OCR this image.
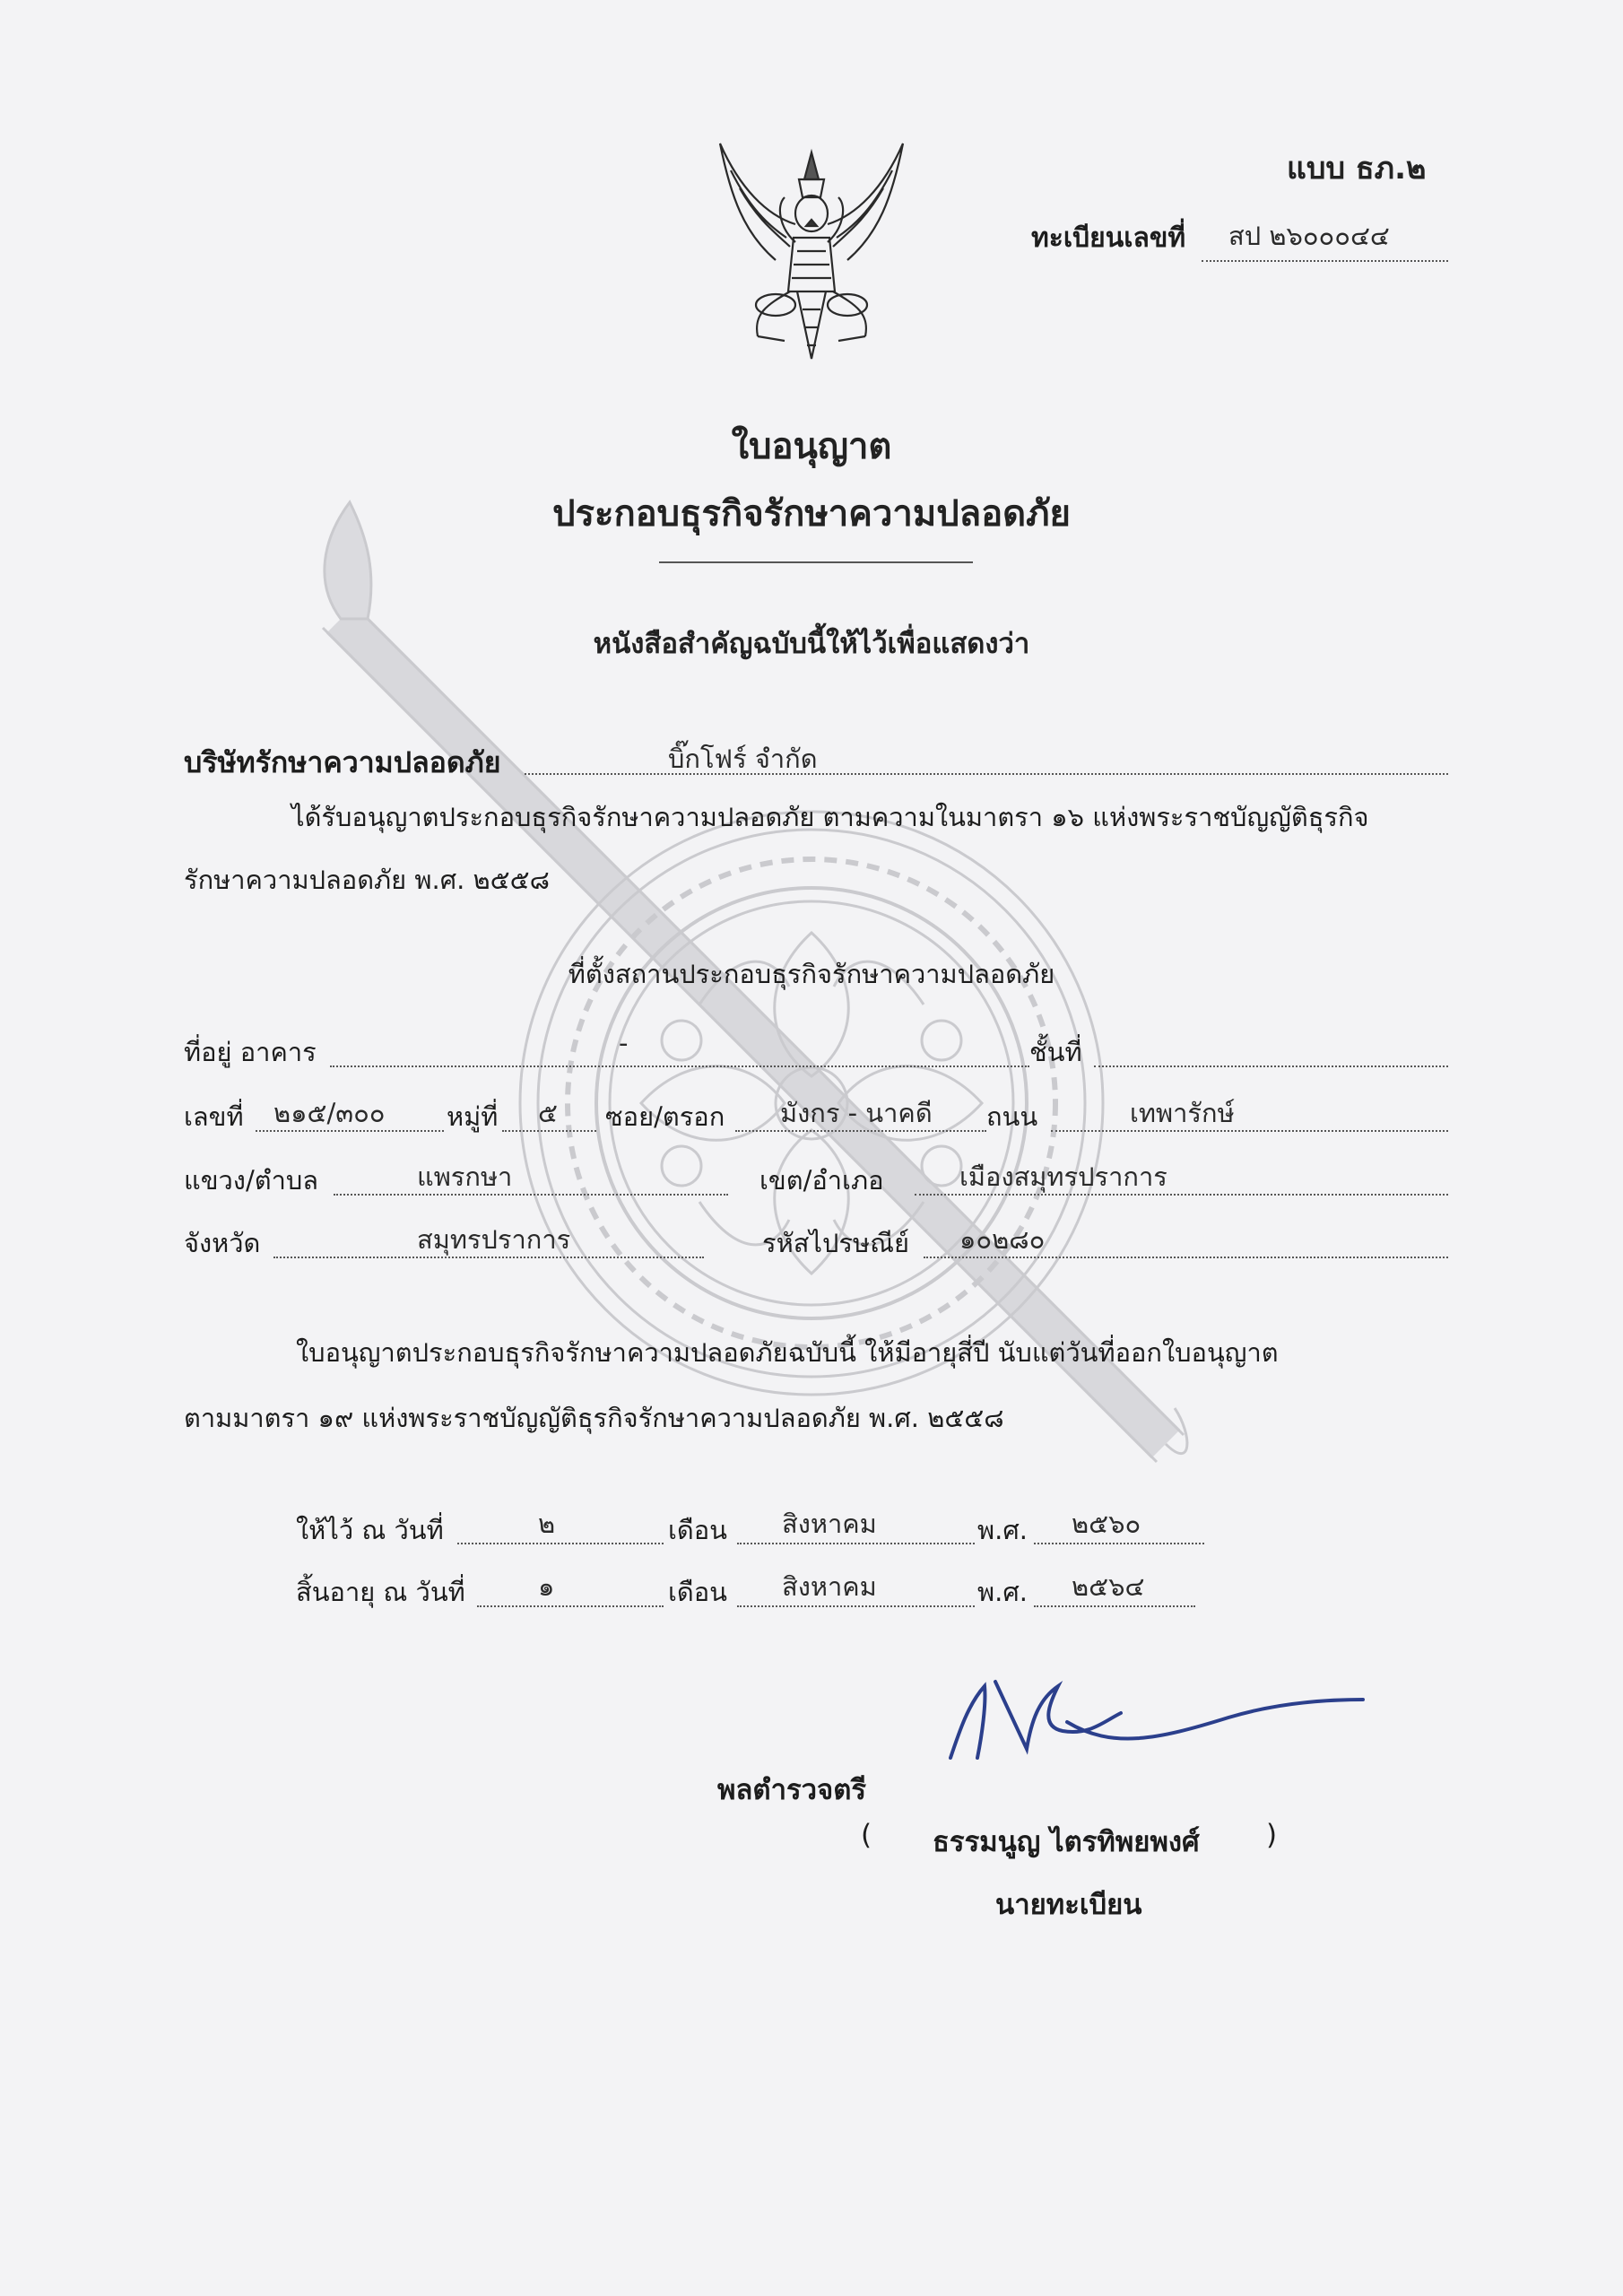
แบบ ธภ.๒
ทะเบียนเลขที่ สป ๒๖๐๐๐๔๔
ใบอนุญาต
ประกอบธุรกิจรักษาความปลอดภัย
หนังสือสำคัญฉบับนี้ให้ไว้เพื่อแสดงว่า
บริษัทรักษาความปลอดภัย	บิ๊กโฟร์ จำกัด
ได้รับอนุญาตประกอบธุรกิจรักษาความปลอดภัย ตามความในมาตรา ๑๖ แห่งพระราชบัญญัติธุรกิจ
รักษาความปลอดภัย พ.ศ. ๒๕๕๘
ที่ตั้งสถานประกอบธุรกิจรักษาความปลอดภัย
ที่อยู่ อาคาร	-	ชั้นที่
เลขที่ ๒๑๕/๓๐๐ หมู่ที่ ๕ ซอย/ตรอก มังกร - นาคดี ถนน	เทพารักษ์
แขวง/ตำบล	แพรกษา	เขต/อำเภอ	เมืองสมุทรปราการ
จังหวัด	สมุทรปราการ	รหัสไปรษณีย์ ๑๐๒๘๐
ใบอนุญาตประกอบธุรกิจรักษาความปลอดภัยฉบับนี้ ให้มีอายุสี่ปี นับแต่วันที่ออกใบอนุญาต
ตามมาตรา ๑๙ แห่งพระราชบัญญัติธุรกิจรักษาความปลอดภัย พ.ศ. ๒๕๕๘
ให้ไว้ ณ วันที่	๒	เดือน สิงหาคม	พ.ศ. ๒๕๖๐
สิ้นอายุ ณ วันที่	๑	เดือน สิงหาคม	พ.ศ. ๒๕๖๔
พลตำรวจตรี
( ธรรมนูญ ไตรทิพยพงศ์ )
นายทะเบียน
